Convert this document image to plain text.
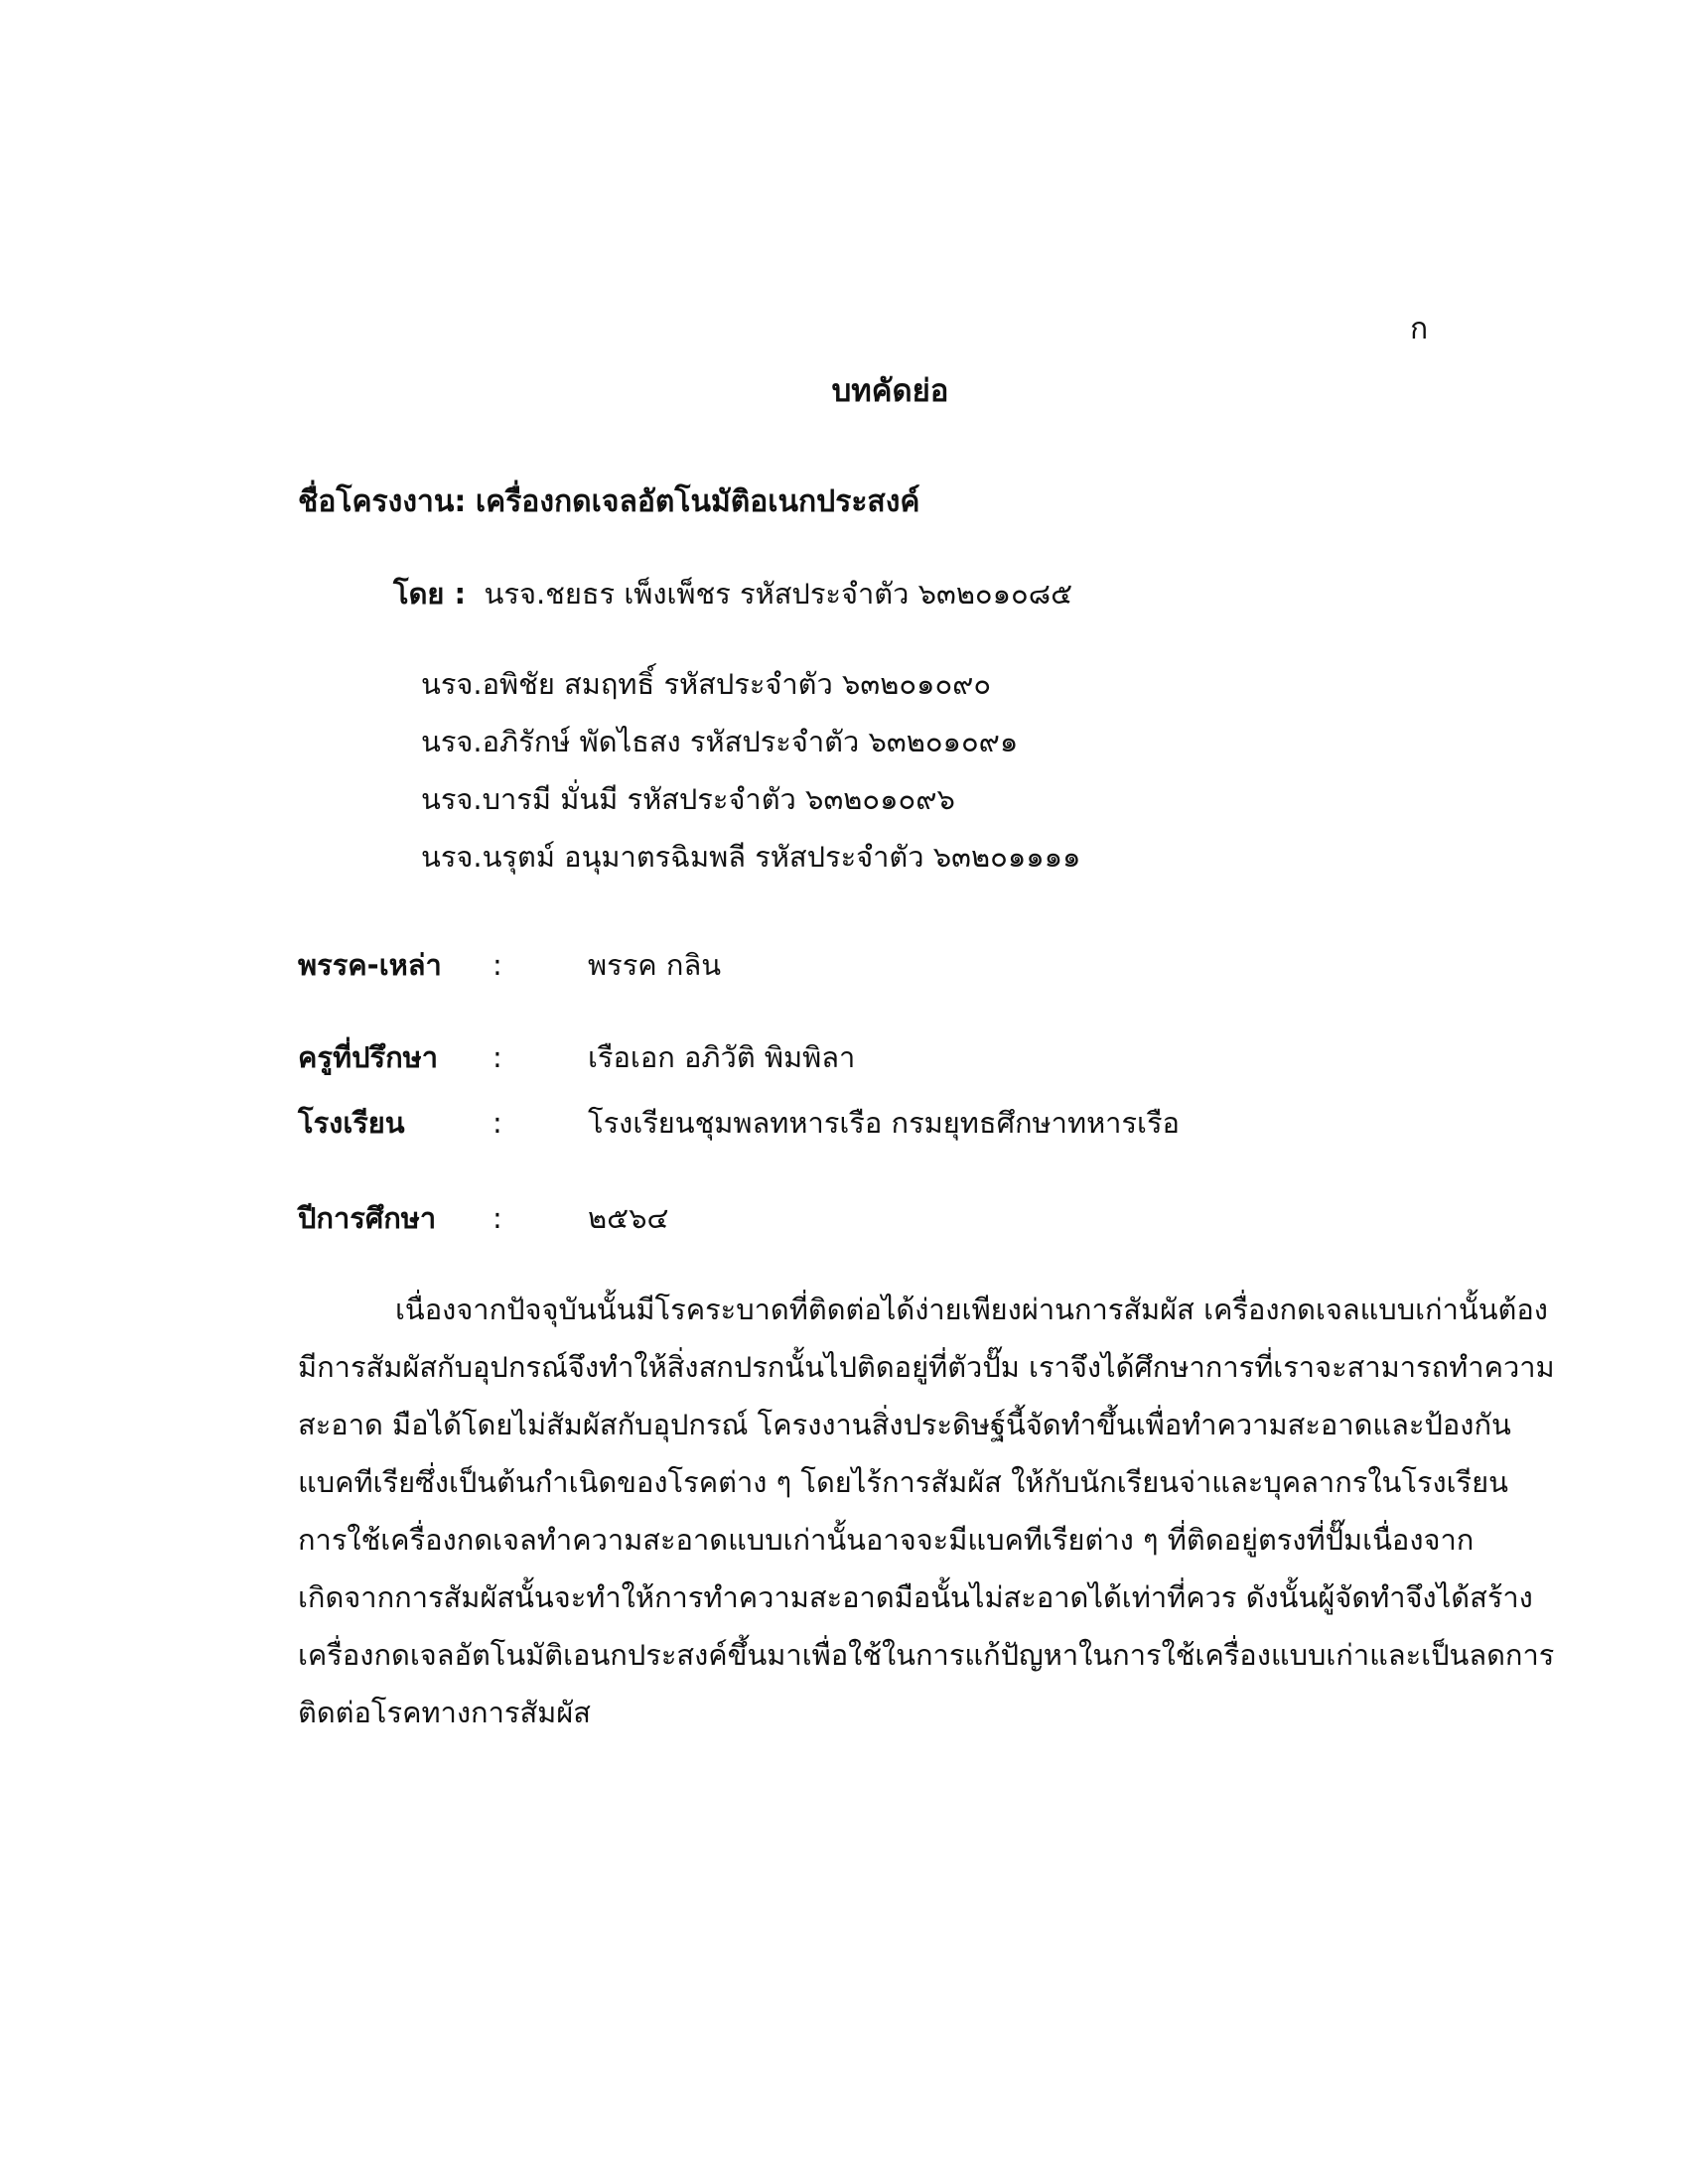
ก
บทคัดย่อ
ชื่อโครงงาน: เครื่องกดเจลอัตโนมัติอเนกประสงค์
โดย : นรจ.ชยธร เพ็งเพ็ชร รหัสประจำตัว ๖๓๒๐๑๐๘๕
นรจ.อพิชัย สมฤทธิ์ รหัสประจำตัว ๖๓๒๐๑๐๙๐
นรจ.อภิรักษ์ พัดไธสง รหัสประจำตัว ๖๓๒๐๑๐๙๑
นรจ.บารมี มั่นมี รหัสประจำตัว ๖๓๒๐๑๐๙๖
นรจ.นรุตม์ อนุมาตรฉิมพลี รหัสประจำตัว ๖๓๒๐๑๑๑๑
พรรค-เหล่า :	พรรค กลิน
ครูที่ปรึกษา :	เรือเอก อภิวัติ พิมพิลา
โรงเรียน	:	โรงเรียนชุมพลทหารเรือ กรมยุทธศึกษาทหารเรือ
ปีการศึกษา :	๒๕๖๔
เนื่องจากปัจจุบันนั้นมีโรคระบาดที่ติดต่อได้ง่ายเพียงผ่านการสัมผัส เครื่องกดเจลแบบเก่านั้นต้อง
มีการสัมผัสกับอุปกรณ์จึงทำให้สิ่งสกปรกนั้นไปติดอยู่ที่ตัวปั๊ม เราจึงได้ศึกษาการที่เราจะสามารถทำความ
สะอาด มือได้โดยไม่สัมผัสกับอุปกรณ์ โครงงานสิ่งประดิษฐ์นี้จัดทำขึ้นเพื่อทำความสะอาดและป้องกัน
แบคทีเรียซึ่งเป็นต้นกำเนิดของโรคต่าง ๆ โดยไร้การสัมผัส ให้กับนักเรียนจ่าและบุคลากรในโรงเรียน
การใช้เครื่องกดเจลทำความสะอาดแบบเก่านั้นอาจจะมีแบคทีเรียต่าง ๆ ที่ติดอยู่ตรงที่ปั๊มเนื่องจาก
เกิดจากการสัมผัสนั้นจะทำให้การทำความสะอาดมือนั้นไม่สะอาดได้เท่าที่ควร ดังนั้นผู้จัดทำจึงได้สร้าง
เครื่องกดเจลอัตโนมัติเอนกประสงค์ขึ้นมาเพื่อใช้ในการแก้ปัญหาในการใช้เครื่องแบบเก่าและเป็นลดการ
ติดต่อโรคทางการสัมผัส
